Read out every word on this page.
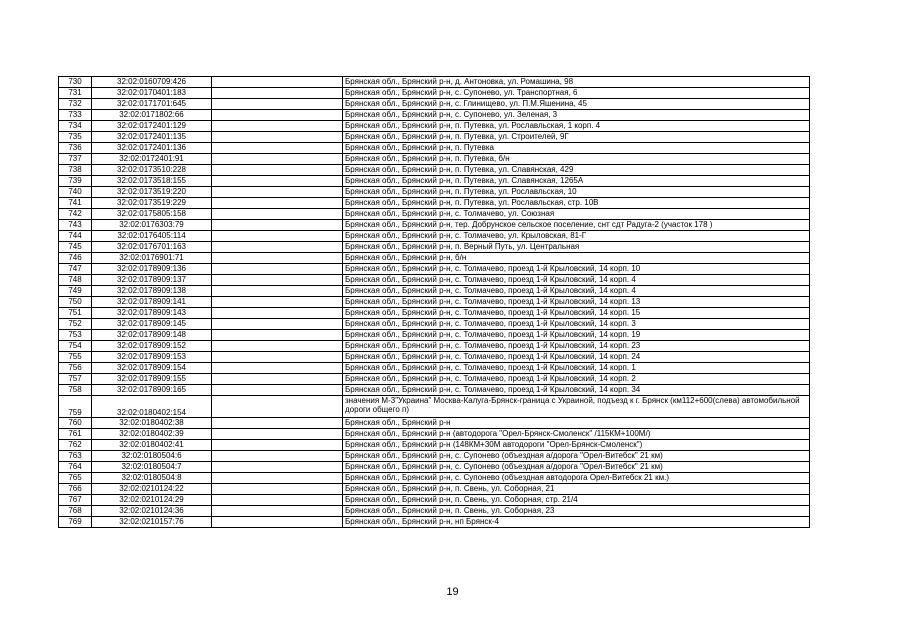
730	32:02:0160709:426		Брянская обл., Брянский р-н, д. Антоновка, ул. Ромашина, 98
731	32:02:0170401:183		Брянская обл., Брянский р-н, с. Супонево, ул. Транспортная, 6
732	32:02:0171701:645		Брянская обл., Брянский р-н, с. Глинищево, ул. П.М.Яшенина, 45
733	32:02:0171802:66		Брянская обл., Брянский р-н, с. Супонево, ул. Зеленая, 3
734	32:02:0172401:129		Брянская обл., Брянский р-н, п. Путевка, ул. Рославльская, 1 корп. 4
735	32:02:0172401:135		Брянская обл., Брянский р-н, п. Путевка, ул. Строителей, 9Г
736	32:02:0172401:136		Брянская обл., Брянский р-н, п. Путевка
737	32:02:0172401:91		Брянская обл., Брянский р-н, п. Путевка, б/н
738	32:02:0173510:228		Брянская обл., Брянский р-н, п. Путевка, ул. Славянская, 429
739	32:02:0173518:155		Брянская обл., Брянский р-н, п. Путевка, ул. Славянская, 1265А
740	32:02:0173519:220		Брянская обл., Брянский р-н, п. Путевка, ул. Рославльская, 10
741	32:02:0173519:229		Брянская обл., Брянский р-н, п. Путевка, ул. Рославльская, стр. 10В
742	32:02:0175805:158		Брянская обл., Брянский р-н, с. Толмачево, ул. Союзная
743	32:02:0176303:79		Брянская обл., Брянский р-н, тер. Добрунское сельское поселение, снт сдт Радуга-2 (участок 178 )
744	32:02:0176405:114		Брянская обл., Брянский р-н, с. Толмачево, ул. Крыловская, 81-Г
745	32:02:0176701:163		Брянская обл., Брянский р-н, п. Верный Путь, ул. Центральная
746	32:02:0176901:71		Брянская обл., Брянский р-н, б/н
747	32:02:0178909:136		Брянская обл., Брянский р-н, с. Толмачево, проезд 1-й Крыловский, 14 корп. 10
748	32:02:0178909:137		Брянская обл., Брянский р-н, с. Толмачево, проезд 1-й Крыловский, 14 корп. 4
749	32:02:0178909:138		Брянская обл., Брянский р-н, с. Толмачево, проезд 1-й Крыловский, 14 корп. 4
750	32:02:0178909:141		Брянская обл., Брянский р-н, с. Толмачево, проезд 1-й Крыловский, 14 корп. 13
751	32:02:0178909:143		Брянская обл., Брянский р-н, с. Толмачево, проезд 1-й Крыловский, 14 корп. 15
752	32:02:0178909:145		Брянская обл., Брянский р-н, с. Толмачево, проезд 1-й Крыловский, 14 корп. 3
753	32:02:0178909:148		Брянская обл., Брянский р-н, с. Толмачево, проезд 1-й Крыловский, 14 корп. 19
754	32:02:0178909:152		Брянская обл., Брянский р-н, с. Толмачево, проезд 1-й Крыловский, 14 корп. 23
755	32:02:0178909:153		Брянская обл., Брянский р-н, с. Толмачево, проезд 1-й Крыловский, 14 корп. 24
756	32:02:0178909:154		Брянская обл., Брянский р-н, с. Толмачево, проезд 1-й Крыловский, 14 корп. 1
757	32:02:0178909:155		Брянская обл., Брянский р-н, с. Толмачево, проезд 1-й Крыловский, 14 корп. 2
758	32:02:0178909:165		Брянская обл., Брянский р-н, с. Толмачево, проезд 1-й Крыловский, 14 корп. 34
759	32:02:0180402:154		значения М-3"Украина" Москва-Калуга-Брянск-граница с Украиной, подъезд к г. Брянск (км112+600(слева) автомобильной дороги общего п)
760	32:02:0180402:38		Брянская обл., Брянский р-н
761	32:02:0180402:39		Брянская обл., Брянский р-н (автодорога "Орел-Брянск-Смоленск" /115КМ+100М/)
762	32:02:0180402:41		Брянская обл., Брянский р-н (148КМ+30М автодороги "Орел-Брянск-Смоленск")
763	32:02:0180504:6		Брянская обл., Брянский р-н, с. Супонево (объездная а/дорога "Орел-Витебск" 21 км)
764	32:02:0180504:7		Брянская обл., Брянский р-н, с. Супонево (объездная а/дорога "Орел-Витебск" 21 км)
765	32:02:0180504:8		Брянская обл., Брянский р-н, с. Супонево (объездная автодорога Орел-Витебск 21 км.)
766	32:02:0210124:22		Брянская обл., Брянский р-н, п. Свень, ул. Соборная, 21
767	32:02:0210124:29		Брянская обл., Брянский р-н, п. Свень, ул. Соборная, стр. 21/4
768	32:02:0210124:36		Брянская обл., Брянский р-н, п. Свень, ул. Соборная, 23
769	32:02:0210157:76		Брянская обл., Брянский р-н, нп Брянск-4
19
